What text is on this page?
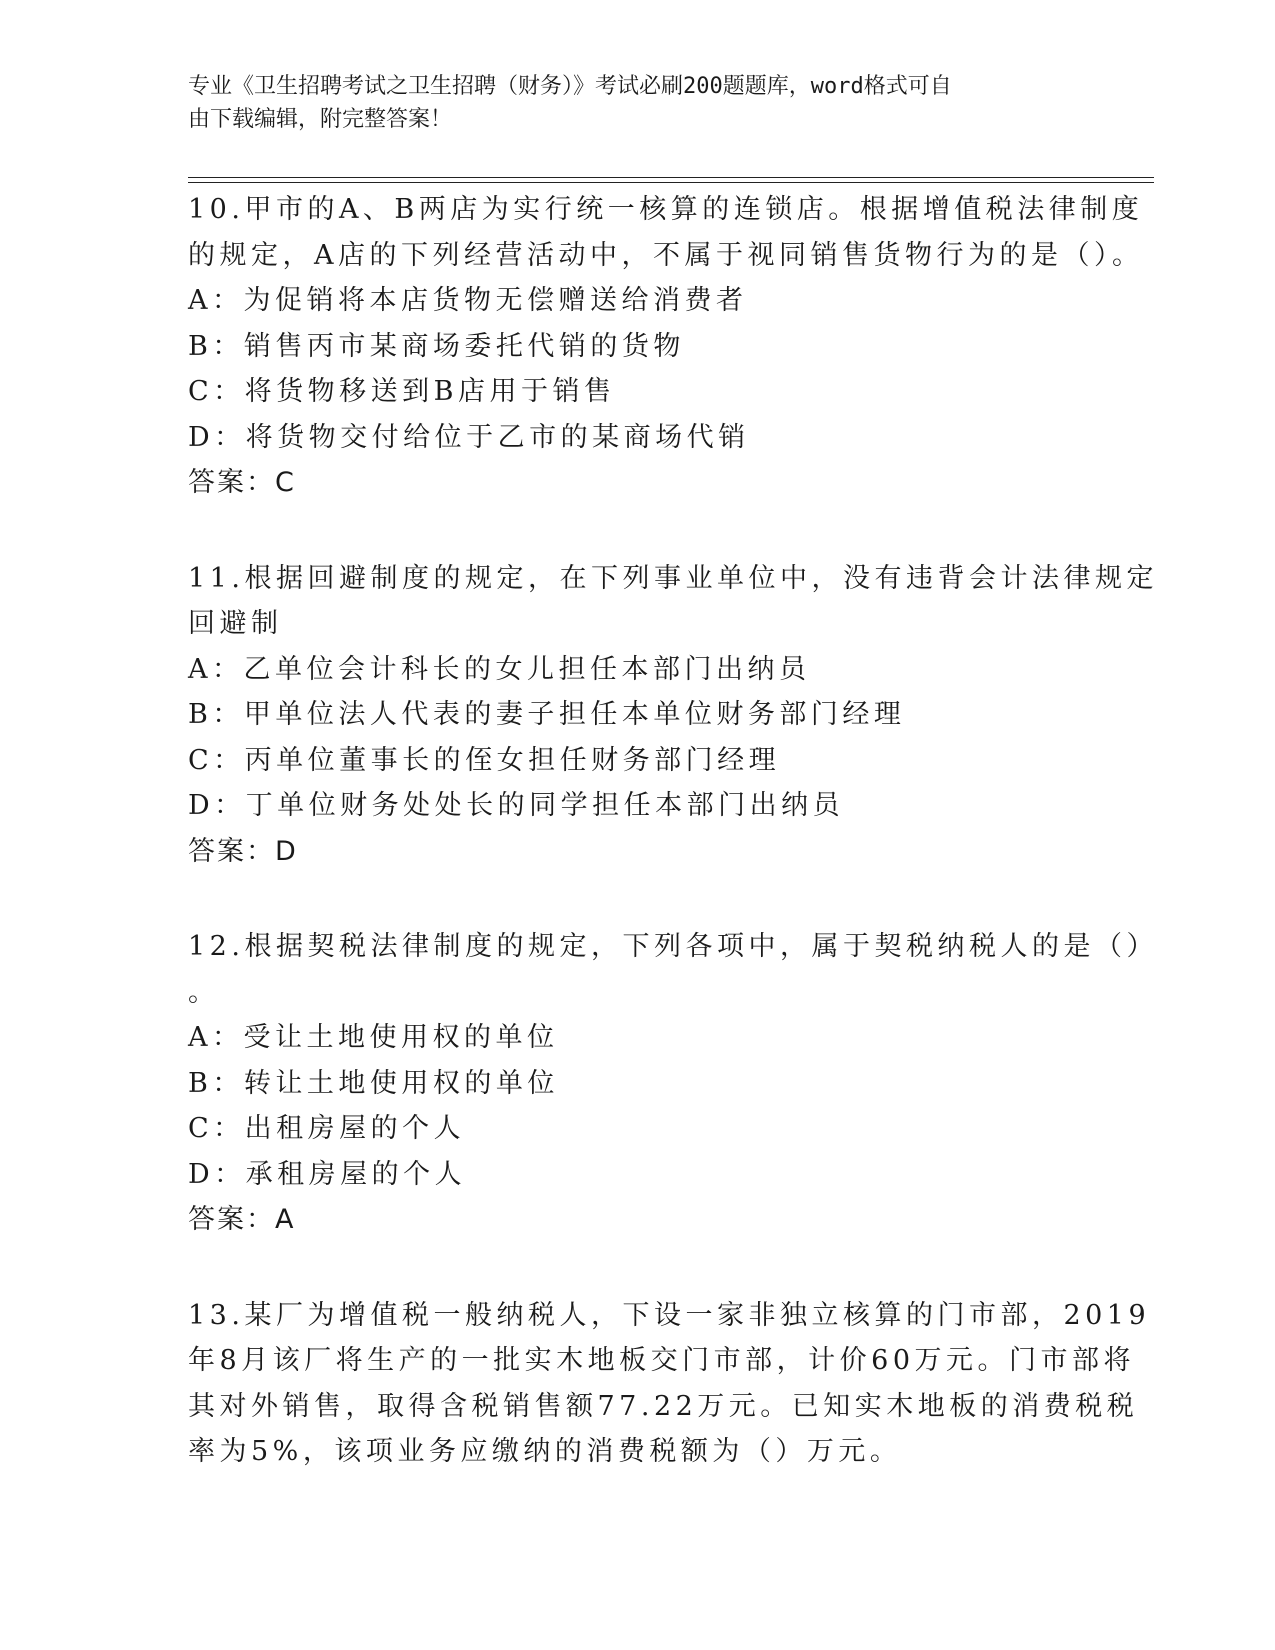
专业《卫生招聘考试之卫生招聘（财务）》考试必刷200题题库，word格式可自
由下载编辑，附完整答案！
10.甲市的A、B两店为实行统一核算的连锁店。根据增值税法律制度
的规定，A店的下列经营活动中，不属于视同销售货物行为的是（）。
A：为促销将本店货物无偿赠送给消费者
B：销售丙市某商场委托代销的货物
C：将货物移送到B店用于销售
D：将货物交付给位于乙市的某商场代销
答案：C
11.根据回避制度的规定，在下列事业单位中，没有违背会计法律规定
回避制
A：乙单位会计科长的女儿担任本部门出纳员
B：甲单位法人代表的妻子担任本单位财务部门经理
C：丙单位董事长的侄女担任财务部门经理
D：丁单位财务处处长的同学担任本部门出纳员
答案：D
12.根据契税法律制度的规定，下列各项中，属于契税纳税人的是（）
。
A：受让土地使用权的单位
B：转让土地使用权的单位
C：出租房屋的个人
D：承租房屋的个人
答案：A
13.某厂为增值税一般纳税人，下设一家非独立核算的门市部，2019
年8月该厂将生产的一批实木地板交门市部，计价60万元。门市部将
其对外销售，取得含税销售额77.22万元。已知实木地板的消费税税
率为5%，该项业务应缴纳的消费税额为（）万元。
